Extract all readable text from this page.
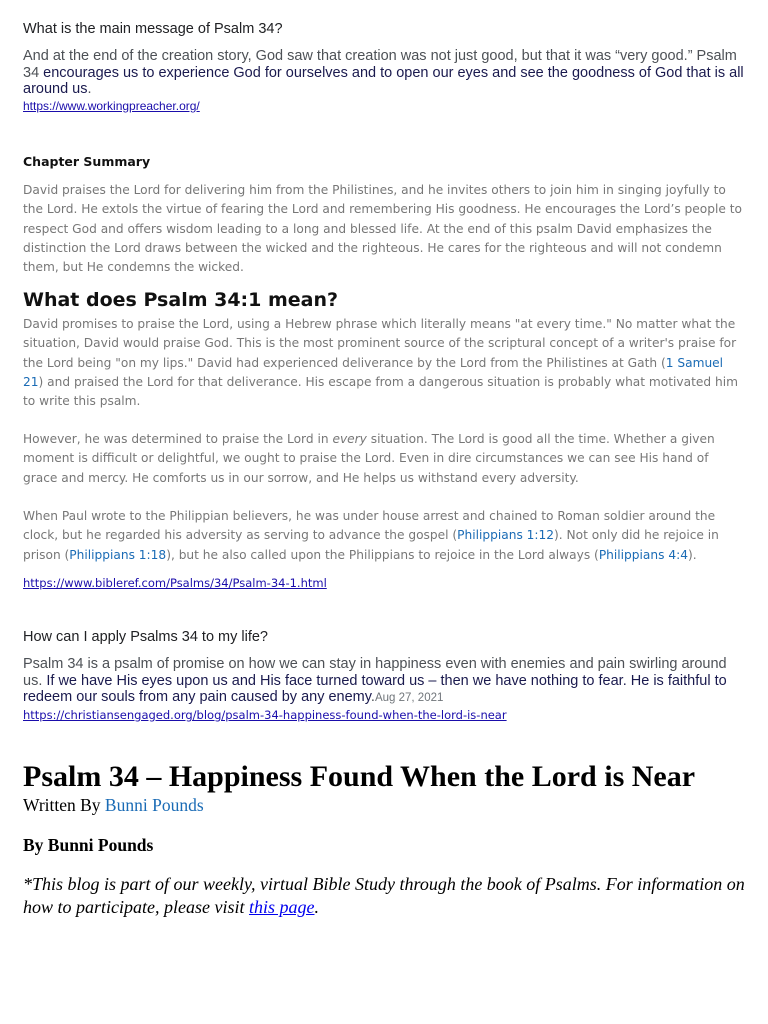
What is the main message of Psalm 34?
And at the end of the creation story, God saw that creation was not just good, but that it was “very good.” Psalm 34 encourages us to experience God for ourselves and to open our eyes and see the goodness of God that is all around us.
https://www.workingpreacher.org/
Chapter Summary
David praises the Lord for delivering him from the Philistines, and he invites others to join him in singing joyfully to the Lord. He extols the virtue of fearing the Lord and remembering His goodness. He encourages the Lord’s people to respect God and offers wisdom leading to a long and blessed life. At the end of this psalm David emphasizes the distinction the Lord draws between the wicked and the righteous. He cares for the righteous and will not condemn them, but He condemns the wicked.
What does Psalm 34:1 mean?
David promises to praise the Lord, using a Hebrew phrase which literally means "at every time." No matter what the situation, David would praise God. This is the most prominent source of the scriptural concept of a writer's praise for the Lord being "on my lips." David had experienced deliverance by the Lord from the Philistines at Gath (1 Samuel 21) and praised the Lord for that deliverance. His escape from a dangerous situation is probably what motivated him to write this psalm.
However, he was determined to praise the Lord in every situation. The Lord is good all the time. Whether a given moment is difficult or delightful, we ought to praise the Lord. Even in dire circumstances we can see His hand of grace and mercy. He comforts us in our sorrow, and He helps us withstand every adversity.
When Paul wrote to the Philippian believers, he was under house arrest and chained to Roman soldier around the clock, but he regarded his adversity as serving to advance the gospel (Philippians 1:12). Not only did he rejoice in prison (Philippians 1:18), but he also called upon the Philippians to rejoice in the Lord always (Philippians 4:4).
https://www.bibleref.com/Psalms/34/Psalm-34-1.html
How can I apply Psalms 34 to my life?
Psalm 34 is a psalm of promise on how we can stay in happiness even with enemies and pain swirling around us. If we have His eyes upon us and His face turned toward us – then we have nothing to fear. He is faithful to redeem our souls from any pain caused by any enemy.Aug 27, 2021
https://christiansengaged.org/blog/psalm-34-happiness-found-when-the-lord-is-near
Psalm 34 – Happiness Found When the Lord is Near
Written By Bunni Pounds
By Bunni Pounds
*This blog is part of our weekly, virtual Bible Study through the book of Psalms. For information on how to participate, please visit this page.
